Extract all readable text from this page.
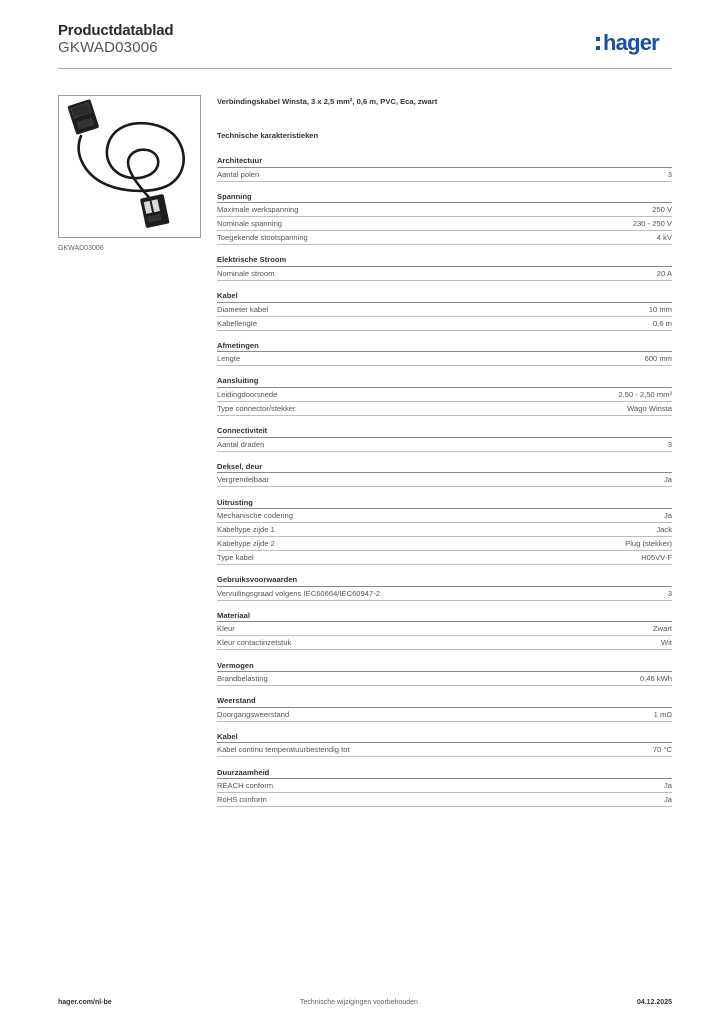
Productdatablad
GKWAD03006	hager
GKWAD03006
Verbindingskabel Winsta, 3 x 2,5 mm², 0,6 m, PVC, Eca, zwart
Technische karakteristieken
Architectuur
Aantal polen	3
Spanning
Maximale werkspanning	250 V
Nominale spanning	230 - 250 V
Toegekende stootspanning	4 kV
Elektrische Stroom
Nominale stroom	20 A
Kabel
Diameter kabel	10 mm
Kabellengte	0,6 m
Afmetingen
Lengte	600 mm
Aansluiting
Leidingdoorsnede	2,50 - 2,50 mm²
Type connector/stekker	Wago Winsta
Connectiviteit
Aantal draden	3
Deksel, deur
Vergrendelbaar	Ja
Uitrusting
Mechanische codering	Ja
Kabeltype zijde 1	Jack
Kabeltype zijde 2	Plug (stekker)
Type kabel	H05VV-F
Gebruiksvoorwaarden
Vervuilingsgraad volgens IEC60664/IEC60947-2	3
Materiaal
Kleur	Zwart
Kleur contactinzetstuk	Wit
Vermogen
Brandbelasting	0,46 kWh
Weerstand
Doorgangsweerstand	1 mΩ
Kabel
Kabel continu temperatuurbestendig tot	70 °C
Duurzaamheid
REACH conform	Ja
RoHS conform	Ja
hager.com/nl-be	Technische wijzigingen voorbehouden	04.12.2025
